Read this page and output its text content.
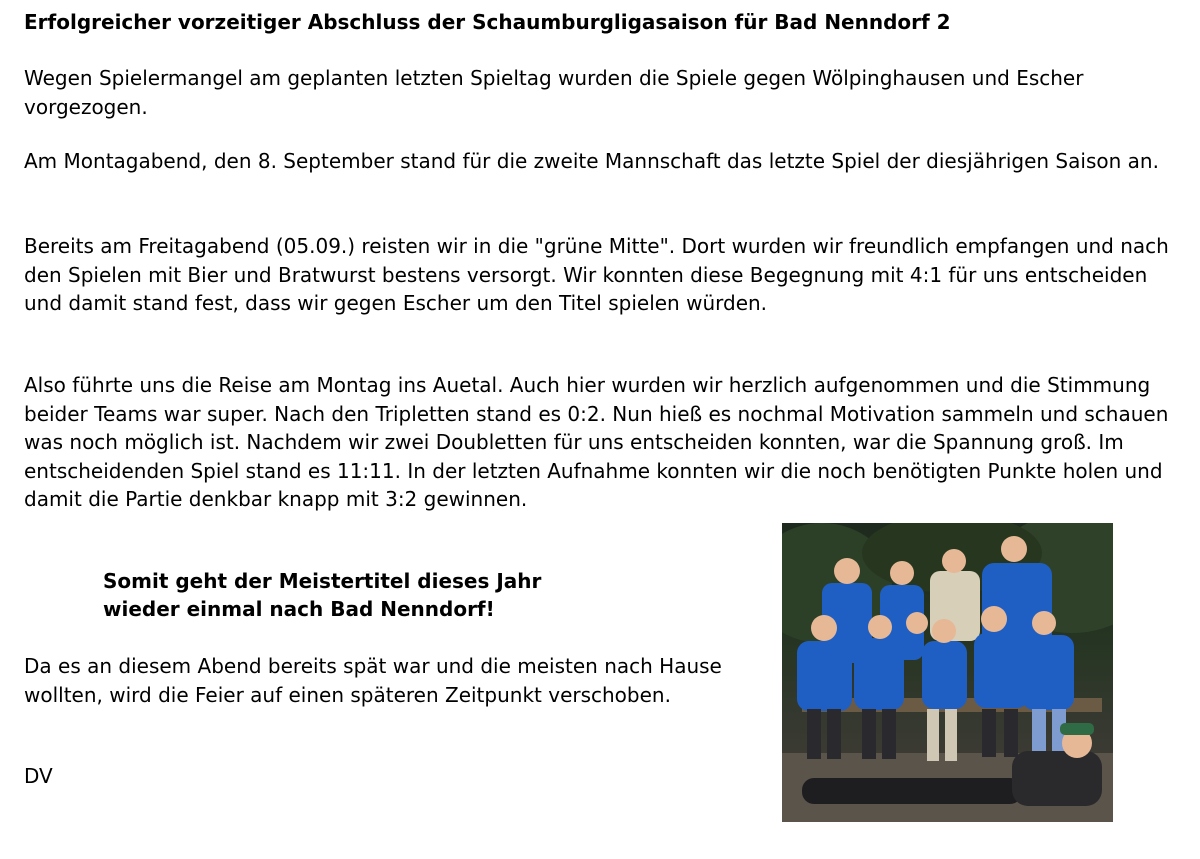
Erfolgreicher vorzeitiger Abschluss der Schaumburgligasaison für Bad Nenndorf 2

Wegen Spielermangel am geplanten letzten Spieltag wurden die Spiele gegen Wölpinghausen und Escher vorgezogen.

Am Montagabend, den 8. September stand für die zweite Mannschaft das letzte Spiel der diesjährigen Saison an.

Bereits am Freitagabend (05.09.) reisten wir in die "grüne Mitte". Dort wurden wir freundlich empfangen und nach den Spielen mit Bier und Bratwurst bestens versorgt. Wir konnten diese Begegnung mit 4:1 für uns entscheiden und damit stand fest, dass wir gegen Escher um den Titel spielen würden.

Also führte uns die Reise am Montag ins Auetal. Auch hier wurden wir herzlich aufgenommen und die Stimmung beider Teams war super. Nach den Tripletten stand es 0:2. Nun hieß es nochmal Motivation sammeln und schauen was noch möglich ist. Nachdem wir zwei Doubletten für uns entscheiden konnten, war die Spannung groß. Im entscheidenden Spiel stand es 11:11. In der letzten Aufnahme konnten wir die noch benötigten Punkte holen und damit die Partie denkbar knapp mit 3:2 gewinnen.

Somit geht der Meistertitel dieses Jahr
wieder einmal nach Bad Nenndorf!

Da es an diesem Abend bereits spät war und die meisten nach Hause wollten, wird die Feier auf einen späteren Zeitpunkt verschoben.

DV
